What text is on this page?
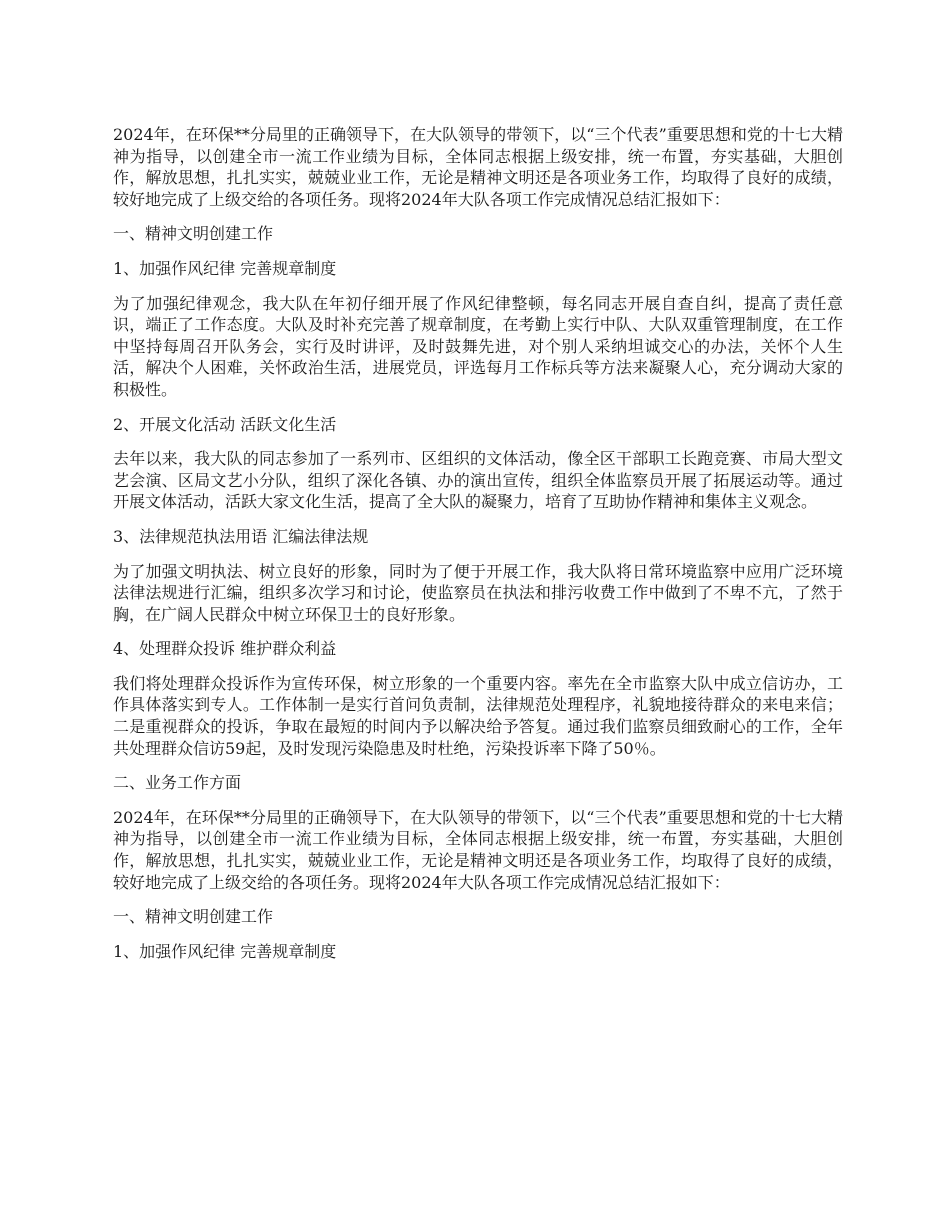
2024年，在环保**分局里的正确领导下，在大队领导的带领下，以“三个代表”重要思想和党的十七大精神为指导，以创建全市一流工作业绩为目标，全体同志根据上级安排，统一布置，夯实基础，大胆创作，解放思想，扎扎实实，兢兢业业工作，无论是精神文明还是各项业务工作，均取得了良好的成绩，较好地完成了上级交给的各项任务。现将2024年大队各项工作完成情况总结汇报如下：

一、精神文明创建工作

1、加强作风纪律 完善规章制度

为了加强纪律观念，我大队在年初仔细开展了作风纪律整顿，每名同志开展自查自纠，提高了责任意识，端正了工作态度。大队及时补充完善了规章制度，在考勤上实行中队、大队双重管理制度，在工作中坚持每周召开队务会，实行及时讲评，及时鼓舞先进，对个别人采纳坦诚交心的办法，关怀个人生活，解决个人困难，关怀政治生活，进展党员，评选每月工作标兵等方法来凝聚人心，充分调动大家的积极性。

2、开展文化活动 活跃文化生活

去年以来，我大队的同志参加了一系列市、区组织的文体活动，像全区干部职工长跑竞赛、市局大型文艺会演、区局文艺小分队，组织了深化各镇、办的演出宣传，组织全体监察员开展了拓展运动等。通过开展文体活动，活跃大家文化生活，提高了全大队的凝聚力，培育了互助协作精神和集体主义观念。

3、法律规范执法用语 汇编法律法规

为了加强文明执法、树立良好的形象，同时为了便于开展工作，我大队将日常环境监察中应用广泛环境法律法规进行汇编，组织多次学习和讨论，使监察员在执法和排污收费工作中做到了不卑不亢，了然于胸，在广阔人民群众中树立环保卫士的良好形象。

4、处理群众投诉 维护群众利益

我们将处理群众投诉作为宣传环保，树立形象的一个重要内容。率先在全市监察大队中成立信访办，工作具体落实到专人。工作体制一是实行首问负责制，法律规范处理程序，礼貌地接待群众的来电来信；二是重视群众的投诉，争取在最短的时间内予以解决给予答复。通过我们监察员细致耐心的工作，全年共处理群众信访59起，及时发现污染隐患及时杜绝，污染投诉率下降了50％。

二、业务工作方面

2024年，在环保**分局里的正确领导下，在大队领导的带领下，以“三个代表”重要思想和党的十七大精神为指导，以创建全市一流工作业绩为目标，全体同志根据上级安排，统一布置，夯实基础，大胆创作，解放思想，扎扎实实，兢兢业业工作，无论是精神文明还是各项业务工作，均取得了良好的成绩，较好地完成了上级交给的各项任务。现将2024年大队各项工作完成情况总结汇报如下：

一、精神文明创建工作

1、加强作风纪律 完善规章制度
